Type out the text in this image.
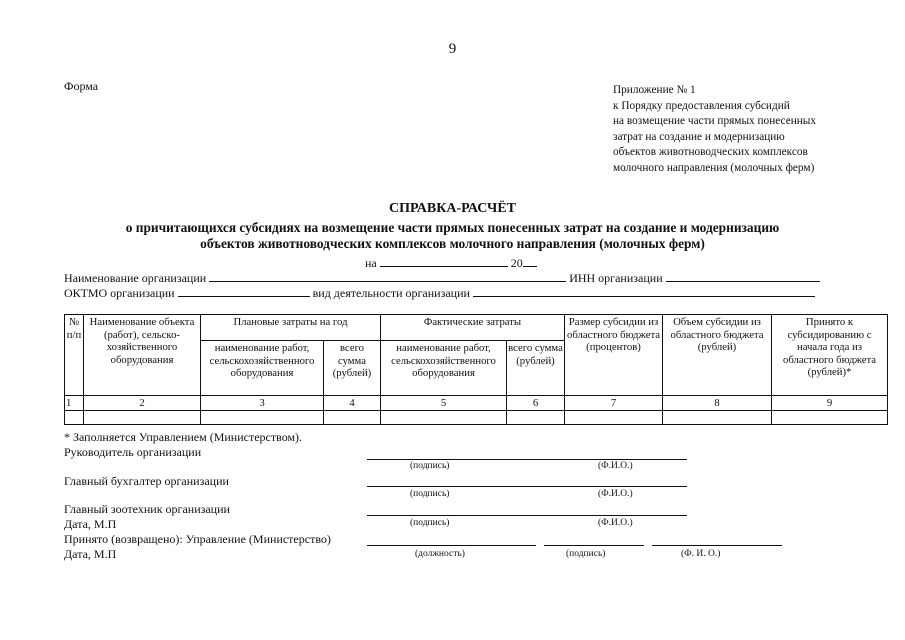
9
Форма	Приложение № 1
к Порядку предоставления субсидий
на возмещение части прямых понесенных
затрат на создание и модернизацию
объектов животноводческих комплексов
молочного направления (молочных ферм)
СПРАВКА-РАСЧЁТ
о причитающихся субсидиях на возмещение части прямых понесенных затрат на создание и модернизацию
объектов животноводческих комплексов молочного направления (молочных ферм)
на	20
Наименование организации	ИНН организации
ОКТМО организации	вид деятельности организации
№ п/п	Наименование объекта (работ), сельско-хозяйственного оборудования	Плановые затраты на год		Фактические затраты		Размер субсидии из областного бюджета (процентов)	Объем субсидии из областного бюджета (рублей)	Принято к субсидированию с начала года из областного бюджета (рублей)*
		наименование работ, сельскохозяйственного оборудования	всего сумма (рублей)	наименование работ, сельскохозяйственного оборудования	всего сумма (рублей)			
1	2	3	4	5	6	7	8	9

* Заполняется Управлением (Министерством).
Руководитель организации
(подпись)	(Ф.И.О.)
Главный бухгалтер организации
(подпись)	(Ф.И.О.)
Главный зоотехник организации
Дата, М.П	(подпись)	(Ф.И.О.)
Принято (возвращено): Управление (Министерство)
Дата, М.П	(должность)	(подпись)	(Ф. И. О.)
